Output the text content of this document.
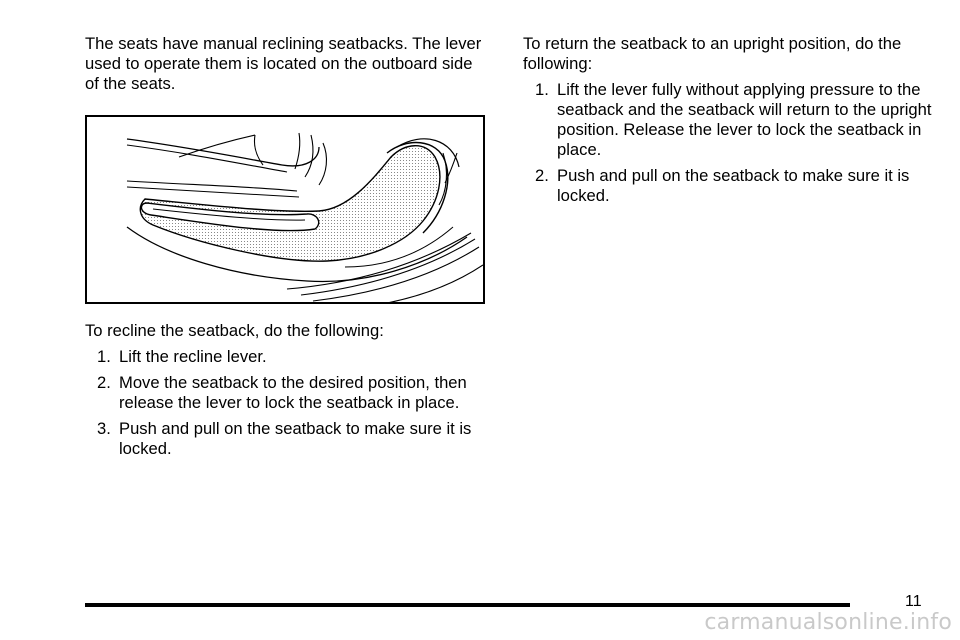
The seats have manual reclining seatbacks. The lever used to operate them is located on the outboard side of the seats.

To recline the seatback, do the following:

1. Lift the recline lever.
2. Move the seatback to the desired position, then release the lever to lock the seatback in place.
3. Push and pull on the seatback to make sure it is locked.

To return the seatback to an upright position, do the following:

1. Lift the lever fully without applying pressure to the seatback and the seatback will return to the upright position. Release the lever to lock the seatback in place.
2. Push and pull on the seatback to make sure it is locked.
11
carmanualsonline.info
